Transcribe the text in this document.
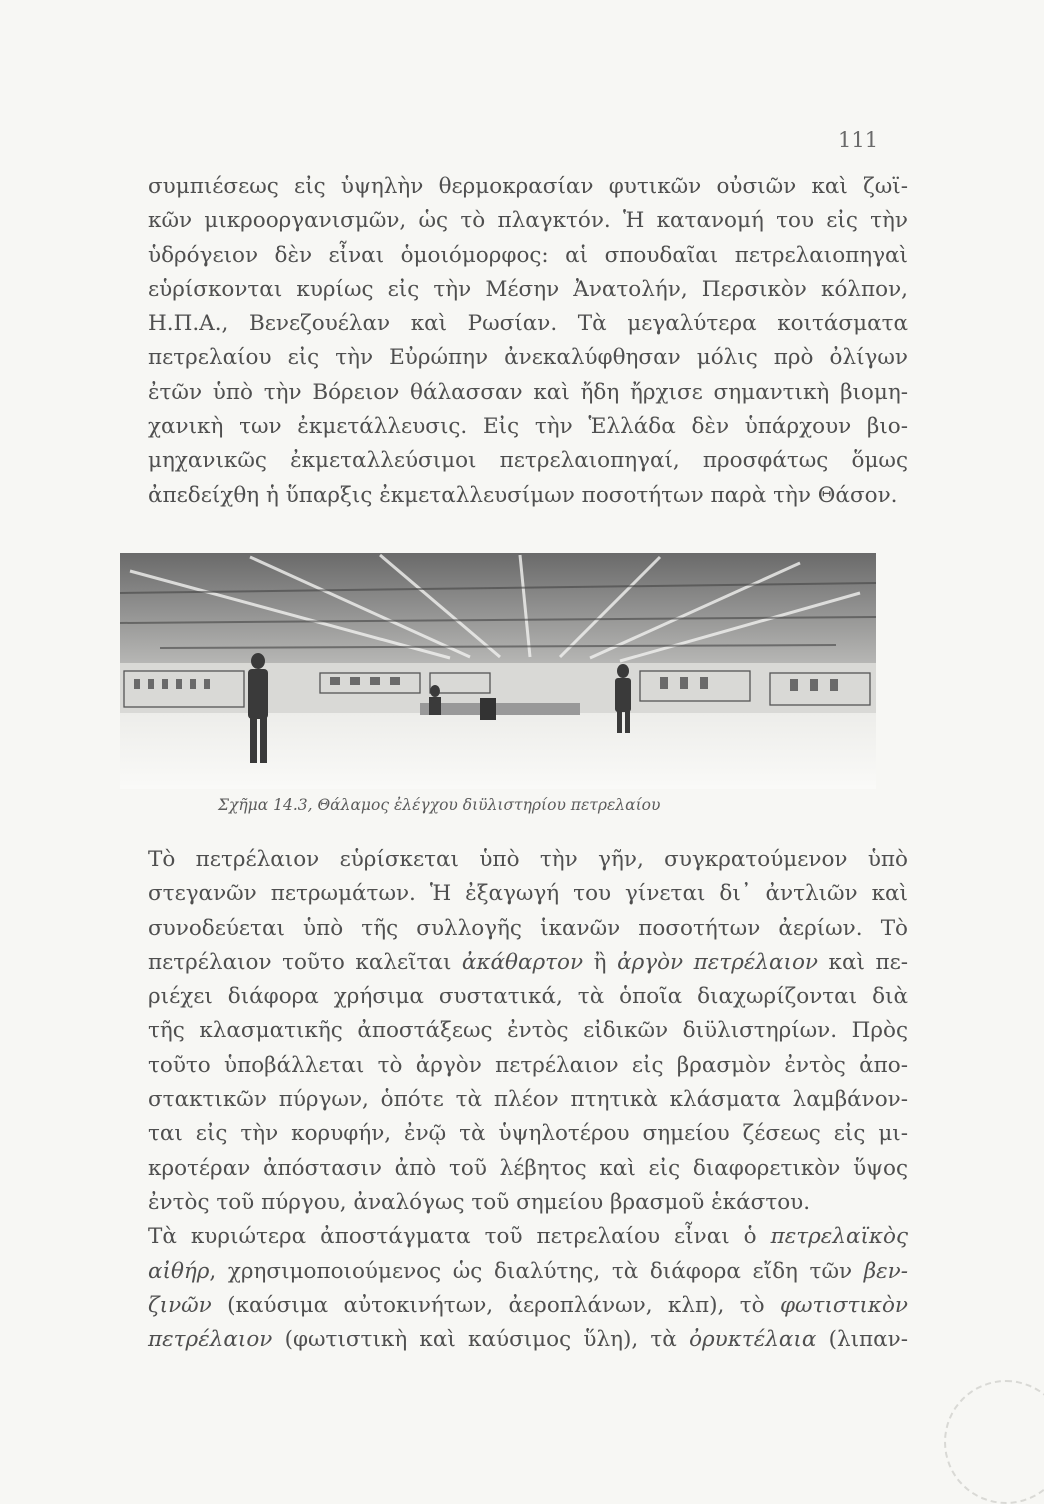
111

συμπιέσεως εἰς ὑψηλὴν θερμοκρασίαν φυτικῶν οὐσιῶν καὶ ζωϊ-
κῶν μικροοργανισμῶν, ὡς τὸ πλαγκτόν. Ἡ κατανομή του εἰς τὴν
ὑδρόγειον δὲν εἶναι ὁμοιόμορφος: αἱ σπουδαῖαι πετρελαιοπηγαὶ
εὑρίσκονται κυρίως εἰς τὴν Μέσην Ἀνατολήν, Περσικὸν κόλπον,
Η.Π.Α., Βενεζουέλαν καὶ Ρωσίαν. Τὰ μεγαλύτερα κοιτάσματα
πετρελαίου εἰς τὴν Εὐρώπην ἀνεκαλύφθησαν μόλις πρὸ ὀλίγων
ἐτῶν ὑπὸ τὴν Βόρειον θάλασσαν καὶ ἤδη ἤρχισε σημαντικὴ βιομη-
χανικὴ των ἐκμετάλλευσις. Εἰς τὴν Ἑλλάδα δὲν ὑπάρχουν βιο-
μηχανικῶς ἐκμεταλλεύσιμοι πετρελαιοπηγαί, προσφάτως ὅμως
ἀπεδείχθη ἡ ὕπαρξις ἐκμεταλλευσίμων ποσοτήτων παρὰ τὴν Θάσον.

Σχῆμα 14.3, Θάλαμος ἐλέγχου διϋλιστηρίου πετρελαίου

Τὸ πετρέλαιον εὑρίσκεται ὑπὸ τὴν γῆν, συγκρατούμενον ὑπὸ
στεγανῶν πετρωμάτων. Ἡ ἐξαγωγή του γίνεται δι᾽ ἀντλιῶν καὶ
συνοδεύεται ὑπὸ τῆς συλλογῆς ἱκανῶν ποσοτήτων ἀερίων. Τὸ
πετρέλαιον τοῦτο καλεῖται ἀκάθαρτον ἢ ἀργὸν πετρέλαιον καὶ πε-
ριέχει διάφορα χρήσιμα συστατικά, τὰ ὁποῖα διαχωρίζονται διὰ
τῆς κλασματικῆς ἀποστάξεως ἐντὸς εἰδικῶν διϋλιστηρίων. Πρὸς
τοῦτο ὑποβάλλεται τὸ ἀργὸν πετρέλαιον εἰς βρασμὸν ἐντὸς ἀπο-
στακτικῶν πύργων, ὁπότε τὰ πλέον πτητικὰ κλάσματα λαμβάνον-
ται εἰς τὴν κορυφήν, ἐνῷ τὰ ὑψηλοτέρου σημείου ζέσεως εἰς μι-
κροτέραν ἀπόστασιν ἀπὸ τοῦ λέβητος καὶ εἰς διαφορετικὸν ὕψος
ἐντὸς τοῦ πύργου, ἀναλόγως τοῦ σημείου βρασμοῦ ἑκάστου.
Τὰ κυριώτερα ἀποστάγματα τοῦ πετρελαίου εἶναι ὁ πετρελαϊκὸς
αἰθήρ, χρησιμοποιούμενος ὡς διαλύτης, τὰ διάφορα εἴδη τῶν βεν-
ζινῶν (καύσιμα αὐτοκινήτων, ἀεροπλάνων, κλπ), τὸ φωτιστικὸν
πετρέλαιον (φωτιστικὴ καὶ καύσιμος ὕλη), τὰ ὀρυκτέλαια (λιπαν-
